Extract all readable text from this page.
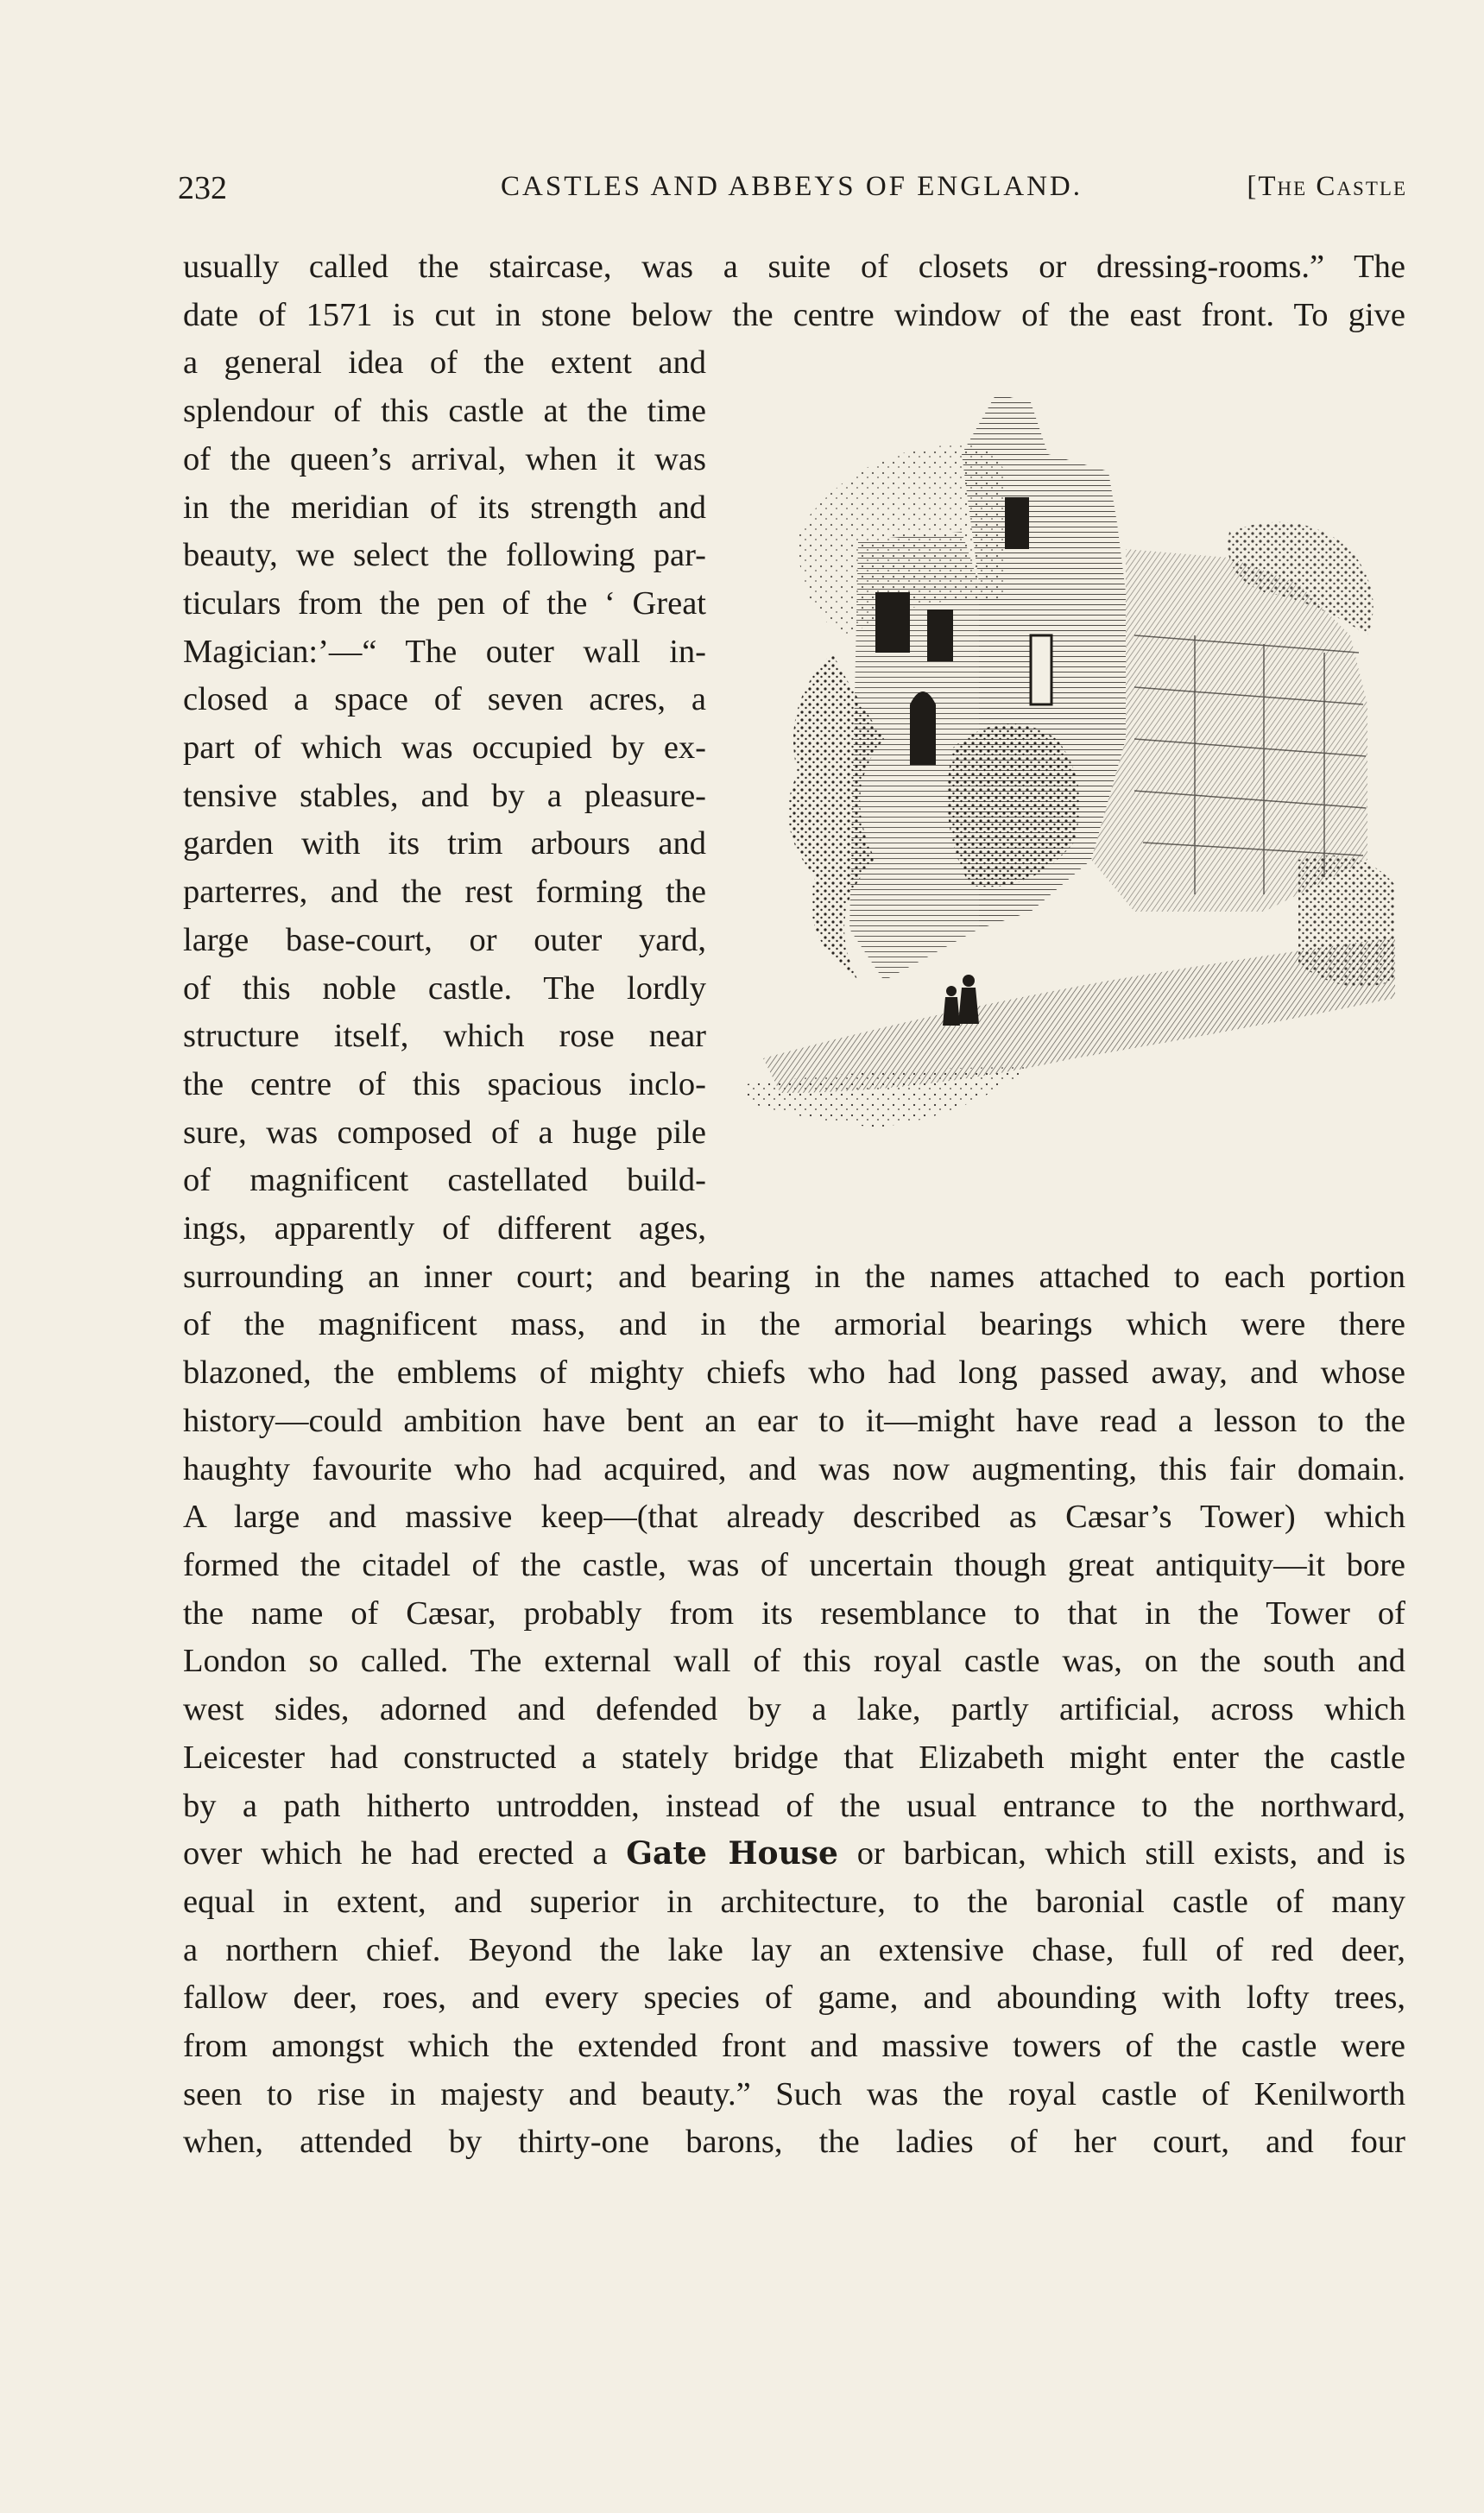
232	CASTLES AND ABBEYS OF ENGLAND.	[The Castle
usually called the staircase, was a suite of closets or dressing-rooms.” The
date of 1571 is cut in stone below the centre window of the east front. To give
a general idea of the extent and
splendour of this castle at the time
of the queen’s arrival, when it was
in the meridian of its strength and
beauty, we select the following par-
ticulars from the pen of the ‘ Great
Magician:’—“ The outer wall in-
closed a space of seven acres, a
part of which was occupied by ex-
tensive stables, and by a pleasure-
garden with its trim arbours and
parterres, and the rest forming the
large base-court, or outer yard,
of this noble castle. The lordly
structure itself, which rose near
the centre of this spacious inclo-
sure, was composed of a huge pile
of magnificent castellated build-
ings, apparently of different ages,
surrounding an inner court; and bearing in the names attached to each portion
of the magnificent mass, and in the armorial bearings which were there
blazoned, the emblems of mighty chiefs who had long passed away, and whose
history—could ambition have bent an ear to it—might have read a lesson to the
haughty favourite who had acquired, and was now augmenting, this fair domain.
A large and massive keep—(that already described as Cæsar’s Tower) which
formed the citadel of the castle, was of uncertain though great antiquity—it bore
the name of Cæsar, probably from its resemblance to that in the Tower of
London so called. The external wall of this royal castle was, on the south and
west sides, adorned and defended by a lake, partly artificial, across which
Leicester had constructed a stately bridge that Elizabeth might enter the castle
by a path hitherto untrodden, instead of the usual entrance to the northward,
over which he had erected a Gate House or barbican, which still exists, and is
equal in extent, and superior in architecture, to the baronial castle of many
a northern chief. Beyond the lake lay an extensive chase, full of red deer,
fallow deer, roes, and every species of game, and abounding with lofty trees,
from amongst which the extended front and massive towers of the castle were
seen to rise in majesty and beauty.” Such was the royal castle of Kenilworth
when, attended by thirty-one barons, the ladies of her court, and four
